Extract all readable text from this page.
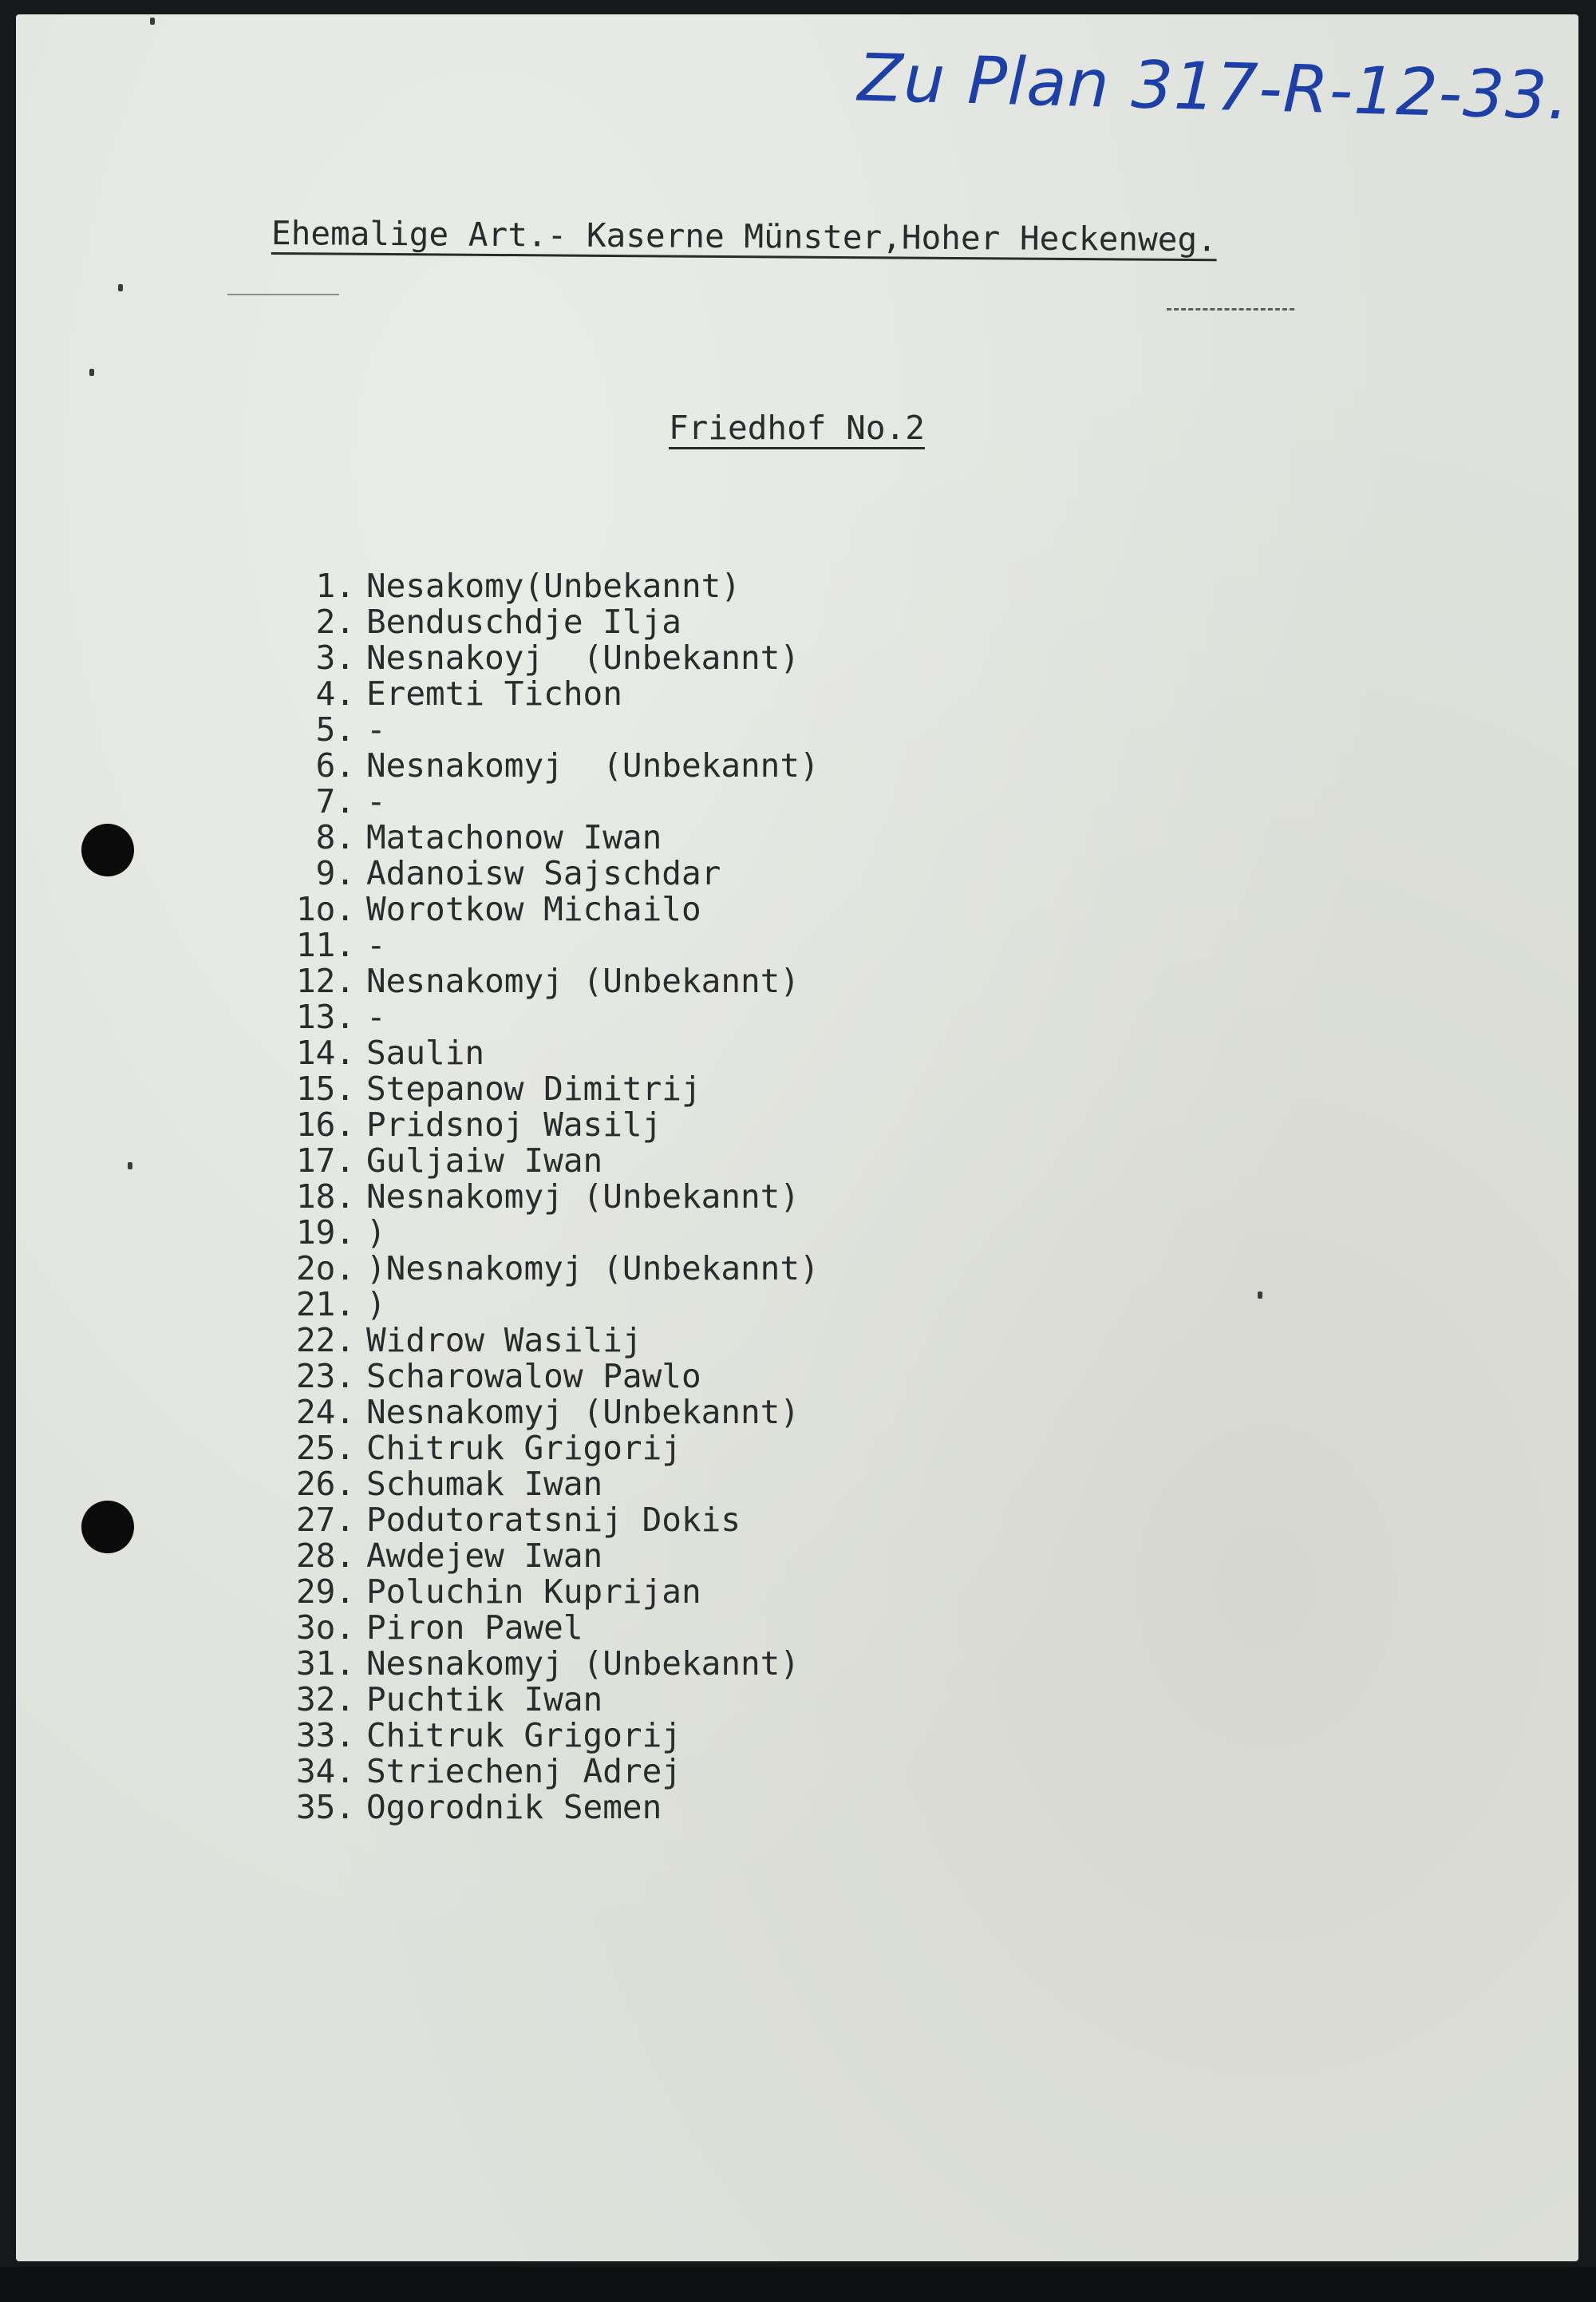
Zu Plan 317-R-12-33.
Ehemalige Art.- Kaserne Münster,Hoher Heckenweg.
Friedhof No.2
1. Nesakomy(Unbekannt)
2. Benduschdje Ilja
3. Nesnakoyj  (Unbekannt)
4. Eremti Tichon
5. -
6. Nesnakomyj  (Unbekannt)
7. -
8. Matachonow Iwan
9. Adanoisw Sajschdar
1o. Worotkow Michailo
11. -
12. Nesnakomyj (Unbekannt)
13. -
14. Saulin
15. Stepanow Dimitrij
16. Pridsnoj Wasilj
17. Guljaiw Iwan
18. Nesnakomyj (Unbekannt)
19. )
2o. )Nesnakomyj (Unbekannt)
21. )
22. Widrow Wasilij
23. Scharowalow Pawlo
24. Nesnakomyj (Unbekannt)
25. Chitruk Grigorij
26. Schumak Iwan
27. Podutoratsnij Dokis
28. Awdejew Iwan
29. Poluchin Kuprijan
3o. Piron Pawel
31. Nesnakomyj (Unbekannt)
32. Puchtik Iwan
33. Chitruk Grigorij
34. Striechenj Adrej
35. Ogorodnik Semen
